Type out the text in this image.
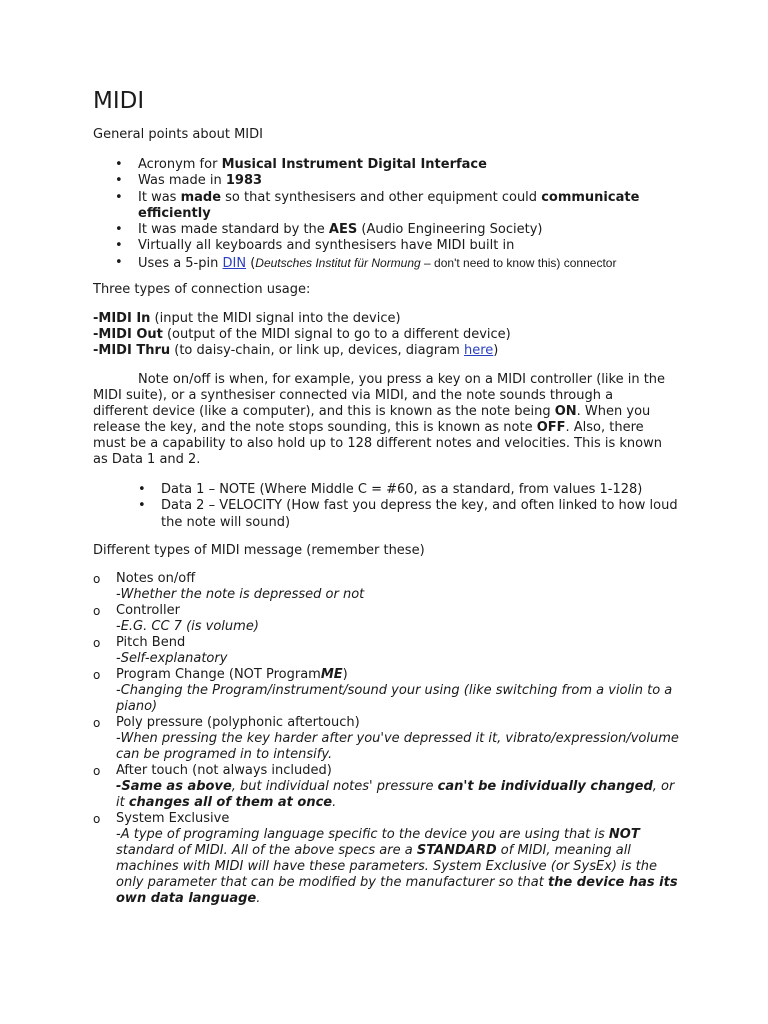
MIDI

General points about MIDI

• Acronym for Musical Instrument Digital Interface
• Was made in 1983
• It was made so that synthesisers and other equipment could communicate efficiently
• It was made standard by the AES (Audio Engineering Society)
• Virtually all keyboards and synthesisers have MIDI built in
• Uses a 5-pin DIN (Deutsches Institut für Normung – don't need to know this) connector

Three types of connection usage:

-MIDI In (input the MIDI signal into the device)
-MIDI Out (output of the MIDI signal to go to a different device)
-MIDI Thru (to daisy-chain, or link up, devices, diagram here)

Note on/off is when, for example, you press a key on a MIDI controller (like in the MIDI suite), or a synthesiser connected via MIDI, and the note sounds through a different device (like a computer), and this is known as the note being ON. When you release the key, and the note stops sounding, this is known as note OFF. Also, there must be a capability to also hold up to 128 different notes and velocities. This is known as Data 1 and 2.

• Data 1 – NOTE (Where Middle C = #60, as a standard, from values 1-128)
• Data 2 – VELOCITY (How fast you depress the key, and often linked to how loud the note will sound)

Different types of MIDI message (remember these)

o Notes on/off
-Whether the note is depressed or not
o Controller
-E.G. CC 7 (is volume)
o Pitch Bend
-Self-explanatory
o Program Change (NOT ProgramME)
-Changing the Program/instrument/sound your using (like switching from a violin to a piano)
o Poly pressure (polyphonic aftertouch)
-When pressing the key harder after you've depressed it it, vibrato/expression/volume can be programed in to intensify.
o After touch (not always included)
-Same as above, but individual notes' pressure can't be individually changed, or it changes all of them at once.
o System Exclusive
-A type of programing language specific to the device you are using that is NOT standard of MIDI. All of the above specs are a STANDARD of MIDI, meaning all machines with MIDI will have these parameters. System Exclusive (or SysEx) is the only parameter that can be modified by the manufacturer so that the device has its own data language.
